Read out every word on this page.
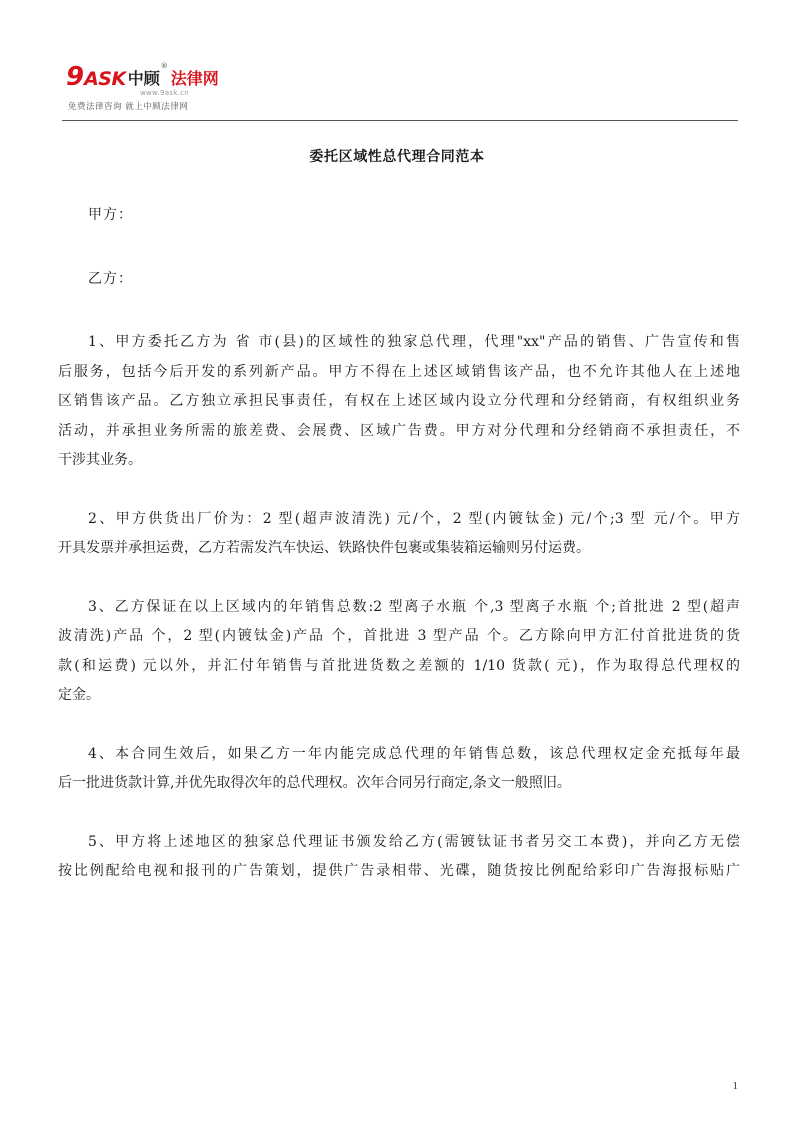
9 ASK 中顾
®
法律网
www.9ask.cn
免费法律咨询 就上中顾法律网
委托区域性总代理合同范本
甲方：
乙方：
1、甲方委托乙方为 省 市(县)的区域性的独家总代理，代理"xx"产品的销售、广告宣传和售
后服务，包括今后开发的系列新产品。甲方不得在上述区域销售该产品，也不允许其他人在上述地
区销售该产品。乙方独立承担民事责任，有权在上述区域内设立分代理和分经销商，有权组织业务
活动，并承担业务所需的旅差费、会展费、区域广告费。甲方对分代理和分经销商不承担责任，不
干涉其业务。
2、甲方供货出厂价为：2 型(超声波清洗) 元/个，2 型(内镀钛金) 元/个;3 型 元/个。甲方
开具发票并承担运费，乙方若需发汽车快运、铁路快件包裹或集装箱运输则另付运费。
3、乙方保证在以上区域内的年销售总数:2 型离子水瓶 个,3 型离子水瓶 个;首批进 2 型(超声
波清洗)产品 个，2 型(内镀钛金)产品 个，首批进 3 型产品 个。乙方除向甲方汇付首批进货的货
款(和运费) 元以外，并汇付年销售与首批进货数之差额的 1/10 货款( 元)，作为取得总代理权的
定金。
4、本合同生效后，如果乙方一年内能完成总代理的年销售总数，该总代理权定金充抵每年最
后一批进货款计算,并优先取得次年的总代理权。次年合同另行商定,条文一般照旧。
5、甲方将上述地区的独家总代理证书颁发给乙方(需镀钛证书者另交工本费)，并向乙方无偿
按比例配给电视和报刊的广告策划，提供广告录相带、光碟，随货按比例配给彩印广告海报标贴广
1
